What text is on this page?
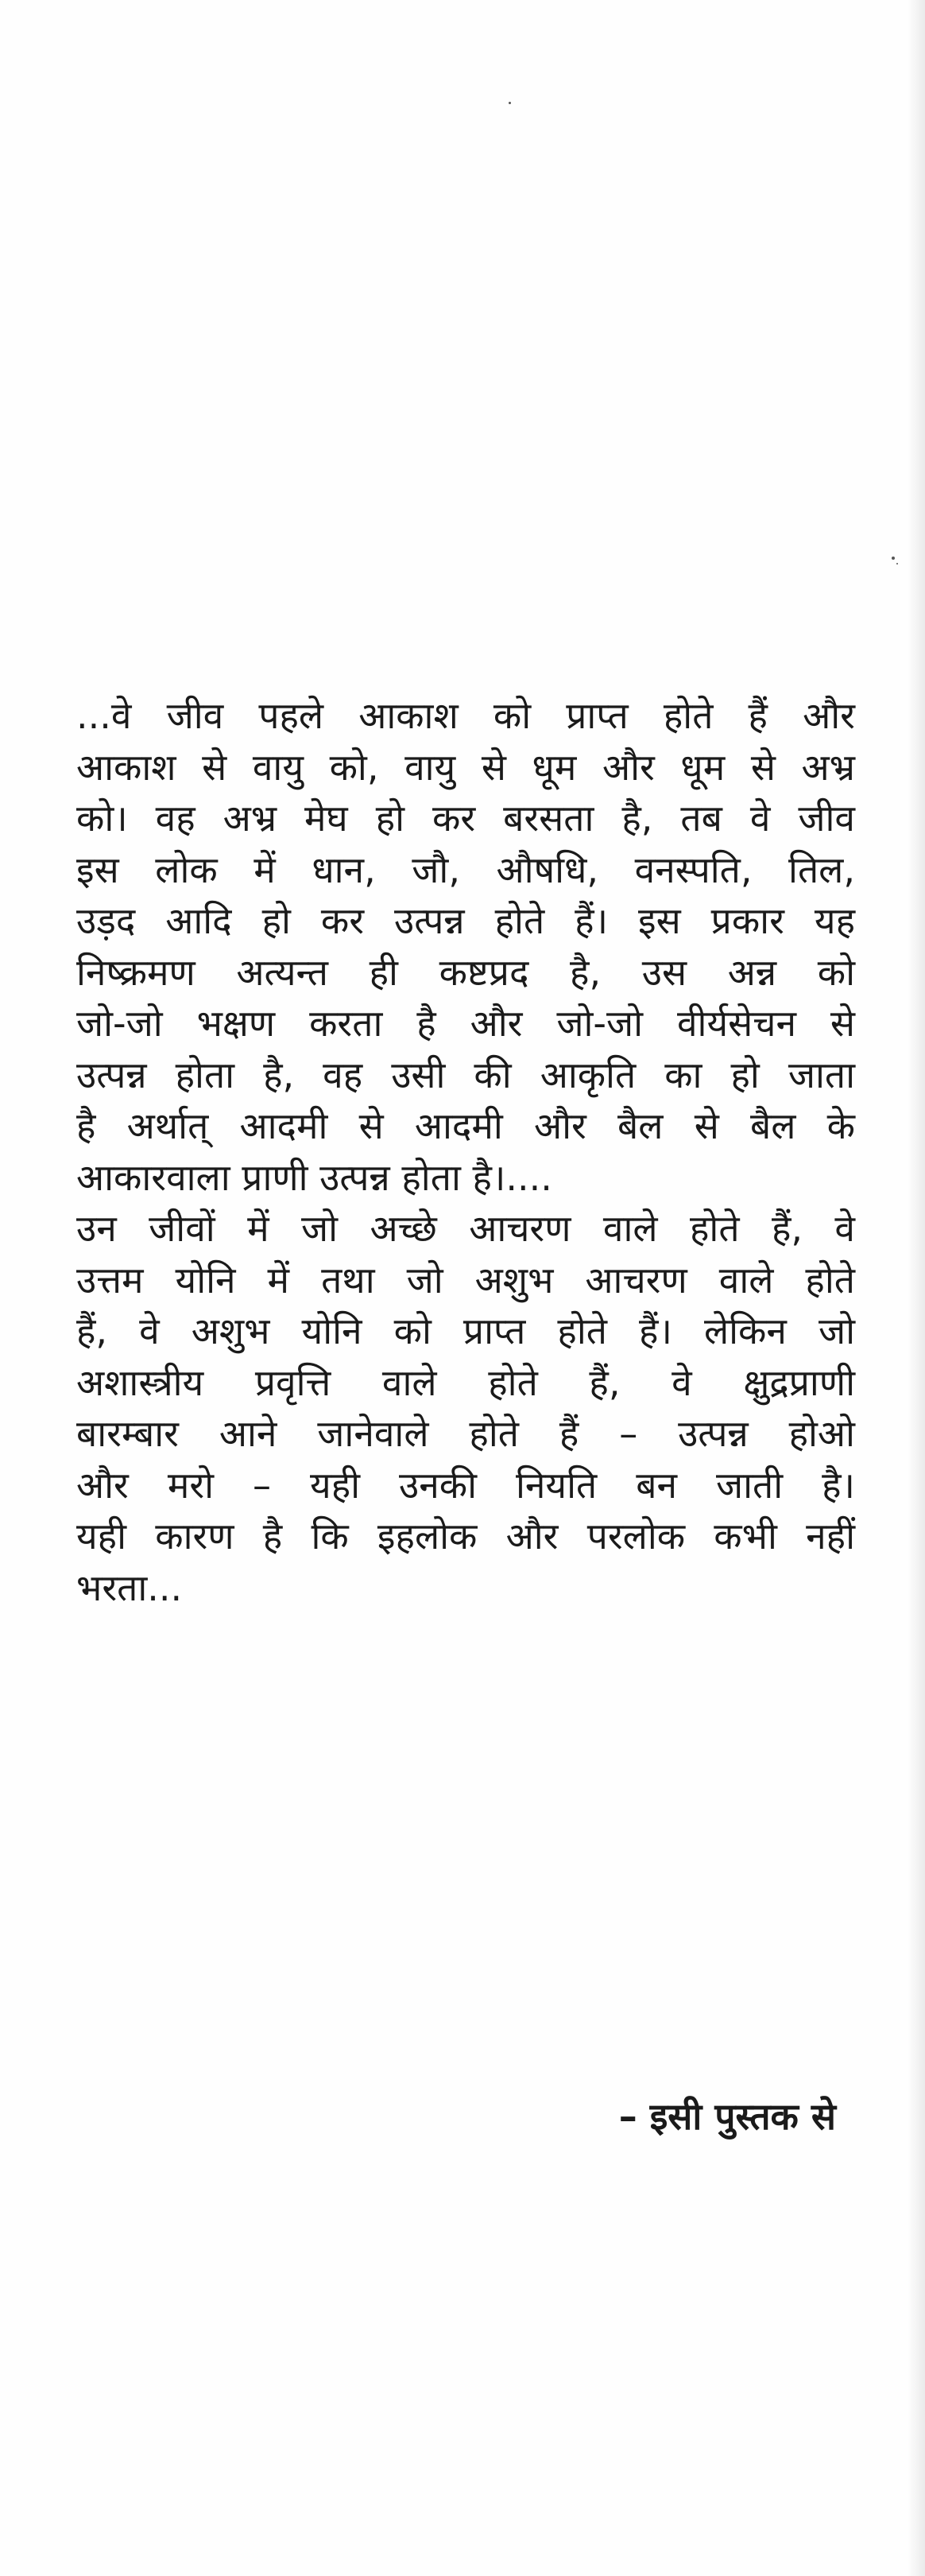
...वे जीव पहले आकाश को प्राप्त होते हैं और
आकाश से वायु को, वायु से धूम और धूम से अभ्र
को। वह अभ्र मेघ हो कर बरसता है, तब वे जीव
इस लोक में धान, जौ, औषधि, वनस्पति, तिल,
उड़द आदि हो कर उत्पन्न होते हैं। इस प्रकार यह
निष्क्रमण अत्यन्त ही कष्टप्रद है, उस अन्न को
जो-जो भक्षण करता है और जो-जो वीर्यसेचन से
उत्पन्न होता है, वह उसी की आकृति का हो जाता
है अर्थात् आदमी से आदमी और बैल से बैल के
आकारवाला प्राणी उत्पन्न होता है।....
उन जीवों में जो अच्छे आचरण वाले होते हैं, वे
उत्तम योनि में तथा जो अशुभ आचरण वाले होते
हैं, वे अशुभ योनि को प्राप्त होते हैं। लेकिन जो
अशास्त्रीय प्रवृत्ति वाले होते हैं, वे क्षुद्रप्राणी
बारम्बार आने जानेवाले होते हैं – उत्पन्न होओ
और मरो – यही उनकी नियति बन जाती है।
यही कारण है कि इहलोक और परलोक कभी नहीं
भरता...
– इसी पुस्तक से
